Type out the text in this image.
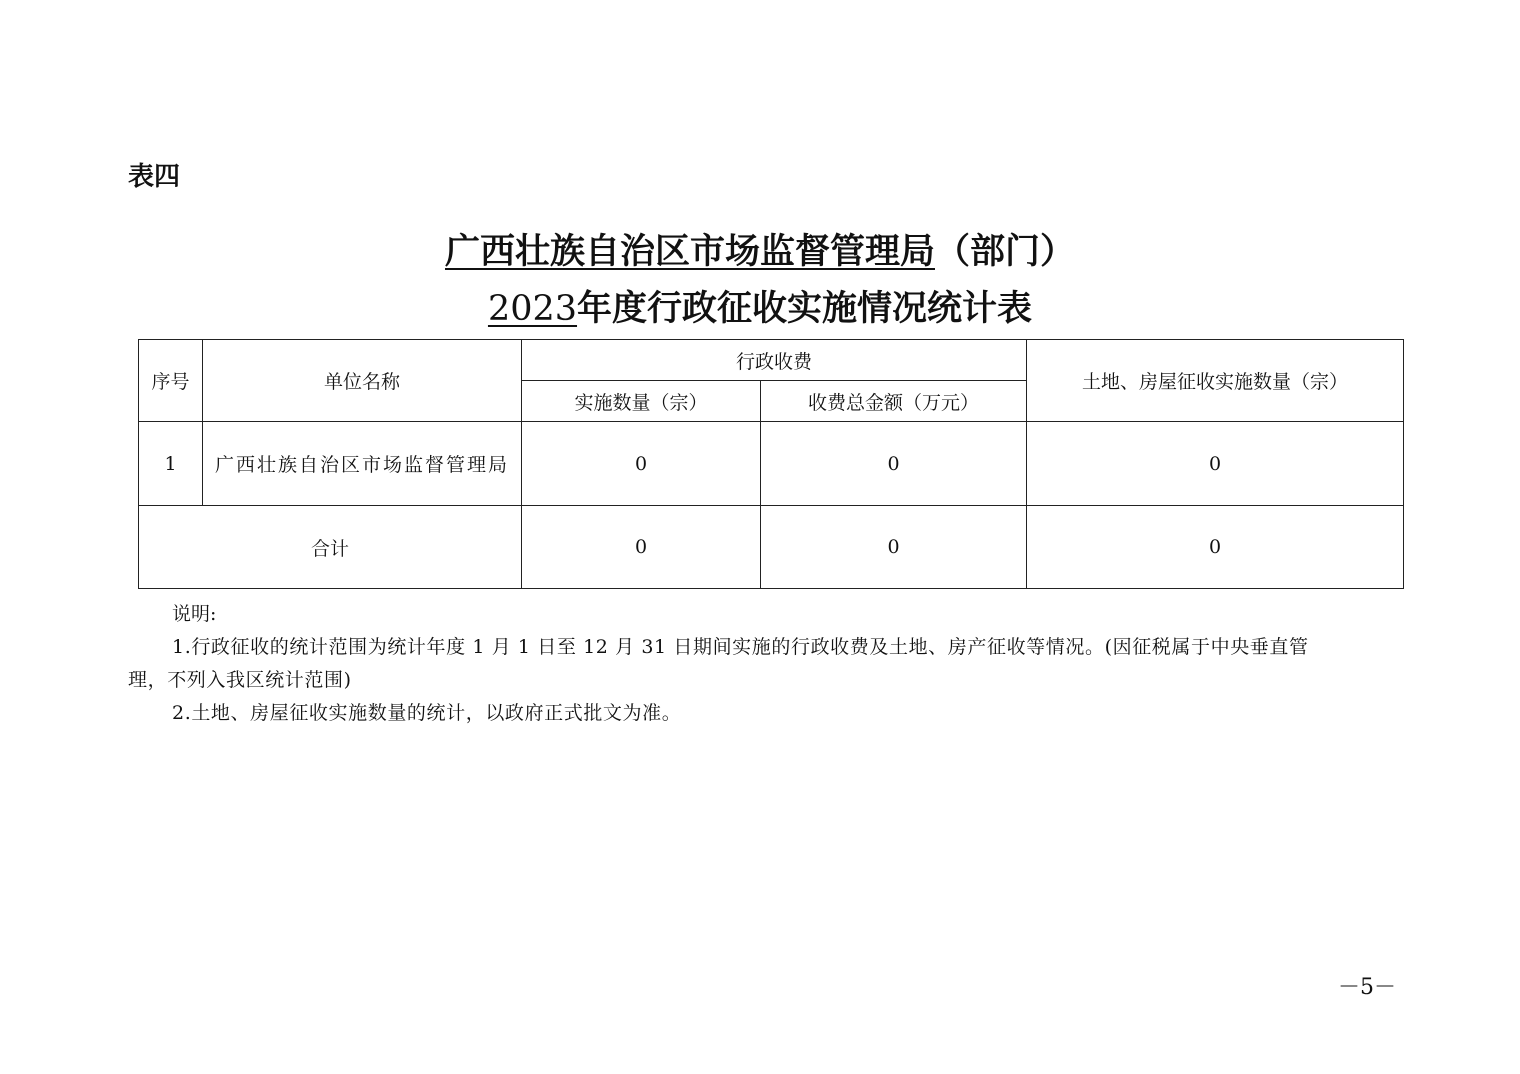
表四
广西壮族自治区市场监督管理局（部门）
2023年度行政征收实施情况统计表
序号	单位名称	行政收费		土地、房屋征收实施数量（宗）
		实施数量（宗）	收费总金额（万元）	
1	广西壮族自治区市场监督管理局	0	0	0
合计		0	0	0

说明:

1.行政征收的统计范围为统计年度 1 月 1 日至 12 月 31 日期间实施的行政收费及土地、房产征收等情况。(因征税属于中央垂直管

理，不列入我区统计范围)

2.土地、房屋征收实施数量的统计，以政府正式批文为准。

－5－
